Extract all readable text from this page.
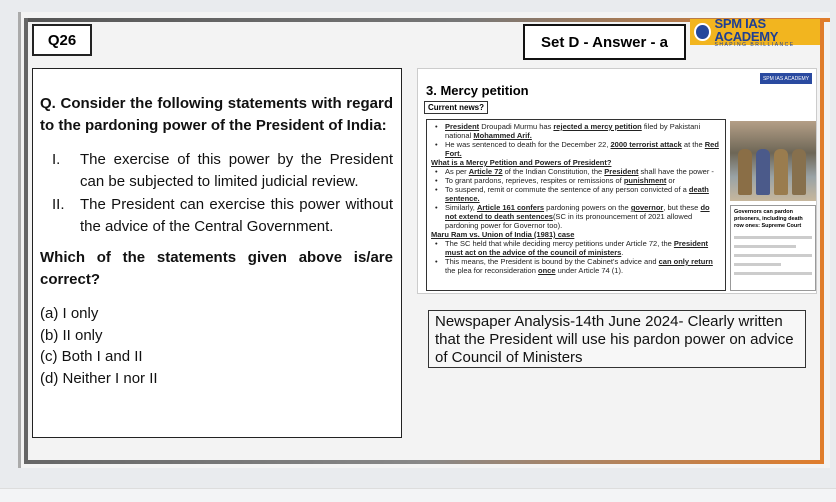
Q26	Set D - Answer - a
SPM IAS ACADEMY
SHAPING BRILLIANCE
Q. Consider the following statements with regard to the pardoning power of the President of India:
I.	The exercise of this power by the President can be subjected to limited judicial review.
II.	The President can exercise this power without the advice of the Central Government.
Which of the statements given above is/are correct?
(a) I only
(b) II only
(c) Both I and II
(d) Neither I nor II
3. Mercy petition
SPM IAS ACADEMY
Current news?
• President Droupadi Murmu has rejected a mercy petition filed by Pakistani national Mohammed Arif.
• He was sentenced to death for the December 22, 2000 terrorist attack at the Red Fort.
What is a Mercy Petition and Powers of President?
• As per Article 72 of the Indian Constitution, the President shall have the power -
• To grant pardons, reprieves, respites or remissions of punishment or
• To suspend, remit or commute the sentence of any person convicted of a death sentence.
• Similarly, Article 161 confers pardoning powers on the governor, but these do not extend to death sentences(SC in its pronouncement of 2021 allowed pardoning power for Governor too).
Maru Ram vs. Union of India (1981) case
• The SC held that while deciding mercy petitions under Article 72, the President must act on the advice of the council of ministers.
• This means, the President is bound by the Cabinet's advice and can only return the plea for reconsideration once under Article 74 (1).
Governors can pardon prisoners, including death row ones: Supreme Court
Newspaper Analysis-14th June 2024- Clearly written that the President will use his pardon power on advice of Council of Ministers
